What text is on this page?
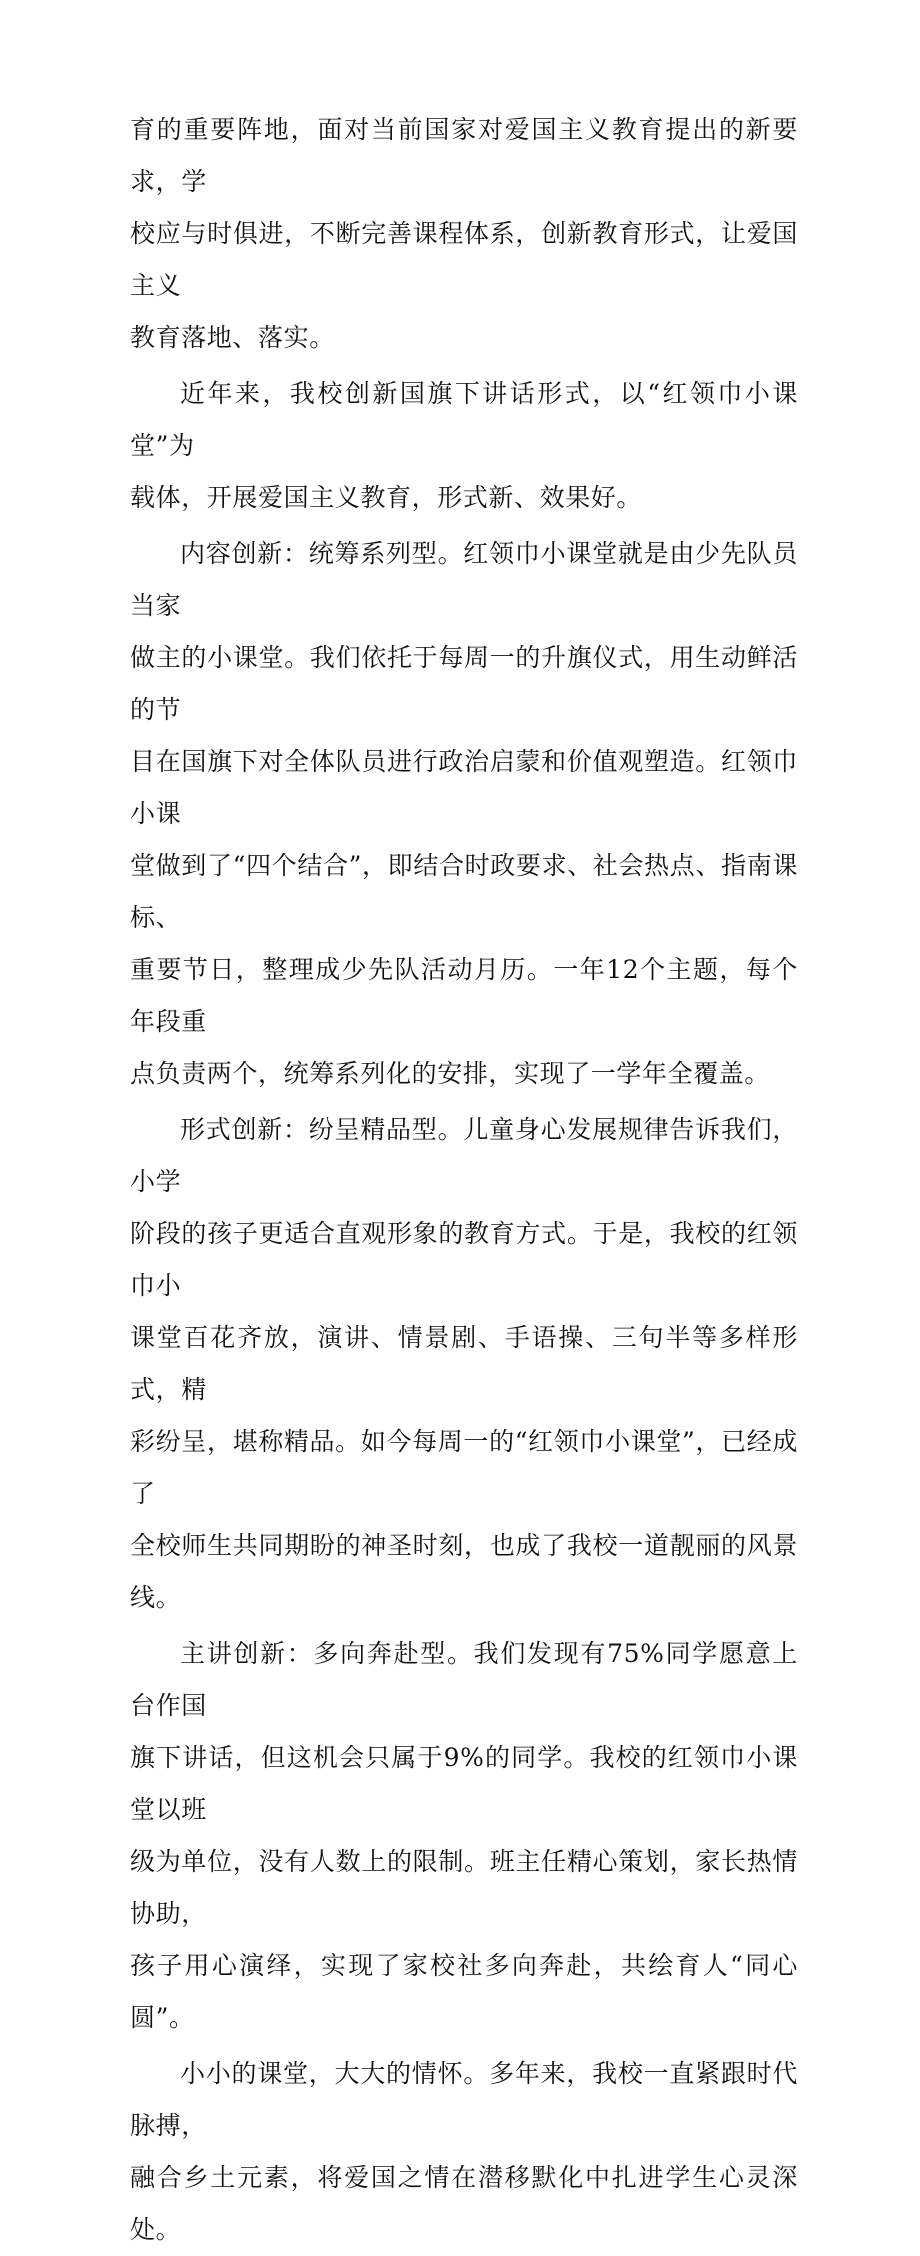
育的重要阵地，面对当前国家对爱国主义教育提出的新要求，学
校应与时俱进，不断完善课程体系，创新教育形式，让爱国主义
教育落地、落实。

近年来，我校创新国旗下讲话形式，以“红领巾小课堂”为
载体，开展爱国主义教育，形式新、效果好。

内容创新：统筹系列型。红领巾小课堂就是由少先队员当家
做主的小课堂。我们依托于每周一的升旗仪式，用生动鲜活的节
目在国旗下对全体队员进行政治启蒙和价值观塑造。红领巾小课
堂做到了“四个结合”，即结合时政要求、社会热点、指南课标、
重要节日，整理成少先队活动月历。一年12个主题，每个年段重
点负责两个，统筹系列化的安排，实现了一学年全覆盖。

形式创新：纷呈精品型。儿童身心发展规律告诉我们，小学
阶段的孩子更适合直观形象的教育方式。于是，我校的红领巾小
课堂百花齐放，演讲、情景剧、手语操、三句半等多样形式，精
彩纷呈，堪称精品。如今每周一的“红领巾小课堂”，已经成了
全校师生共同期盼的神圣时刻，也成了我校一道靓丽的风景线。

主讲创新：多向奔赴型。我们发现有75%同学愿意上台作国
旗下讲话，但这机会只属于9%的同学。我校的红领巾小课堂以班
级为单位，没有人数上的限制。班主任精心策划，家长热情协助，
孩子用心演绎，实现了家校社多向奔赴，共绘育人“同心圆”。

小小的课堂，大大的情怀。多年来，我校一直紧跟时代脉搏，
融合乡土元素，将爱国之情在潜移默化中扎进学生心灵深处。
